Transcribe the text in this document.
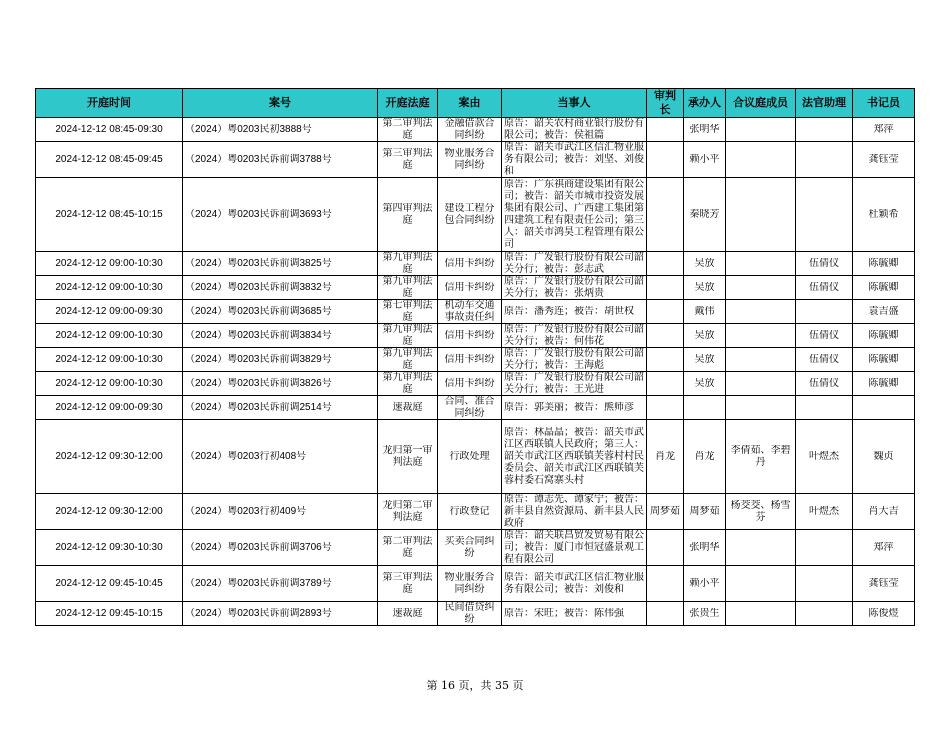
开庭时间	案号	开庭法庭	案由	当事人	审判长	承办人	合议庭成员	法官助理	书记员

2024-12-12 08:45-09:30	（2024）粤0203民初3888号	第二审判法庭	金融借款合同纠纷	原告：韶关农村商业银行股份有限公司；被告：侯祖篇		张明华			郑萍

2024-12-12 08:45-09:45	（2024）粤0203民诉前调3788号	第三审判法庭	物业服务合同纠纷	原告：韶关市武江区信汇物业服务有限公司；被告：刘坚、刘俊和		赖小平			龚钰莹

2024-12-12 08:45-10:15	（2024）粤0203民诉前调3693号	第四审判法庭	建设工程分包合同纠纷	原告：广东祺商建设集团有限公司；被告：韶关市城市投资发展集团有限公司、广西建工集团第四建筑工程有限责任公司；第三人：韶关市鸿昊工程管理有限公司		秦晓芳			杜颖希

2024-12-12 09:00-10:30	（2024）粤0203民诉前调3825号	第九审判法庭	信用卡纠纷	原告：广发银行股份有限公司韶关分行；被告：彭志武		吴放		伍倩仪	陈毓卿

2024-12-12 09:00-10:30	（2024）粤0203民诉前调3832号	第九审判法庭	信用卡纠纷	原告：广发银行股份有限公司韶关分行；被告：张炳贵		吴放		伍倩仪	陈毓卿

2024-12-12 09:00-09:30	（2024）粤0203民诉前调3685号	第七审判法庭	机动车交通事故责任纠	原告：潘秀连；被告：胡世权		戴伟			袁吉盛

2024-12-12 09:00-10:30	（2024）粤0203民诉前调3834号	第九审判法庭	信用卡纠纷	原告：广发银行股份有限公司韶关分行；被告：何伟花		吴放		伍倩仪	陈毓卿

2024-12-12 09:00-10:30	（2024）粤0203民诉前调3829号	第九审判法庭	信用卡纠纷	原告：广发银行股份有限公司韶关分行；被告：王海彪		吴放		伍倩仪	陈毓卿

2024-12-12 09:00-10:30	（2024）粤0203民诉前调3826号	第九审判法庭	信用卡纠纷	原告：广发银行股份有限公司韶关分行；被告：王光进		吴放		伍倩仪	陈毓卿

2024-12-12 09:00-09:30	（2024）粤0203民诉前调2514号	速裁庭	合同、准合同纠纷	原告：郭美丽；被告：熊师彦					

2024-12-12 09:30-12:00	（2024）粤0203行初408号	龙归第一审判法庭	行政处理	原告：林晶晶；被告：韶关市武江区西联镇人民政府；第三人：韶关市武江区西联镇芙蓉村村民委员会、韶关市武江区西联镇芙蓉村委石窝寨头村	肖龙	肖龙	李倩茹、李碧丹	叶煜杰	魏贞

2024-12-12 09:30-12:00	（2024）粤0203行初409号	龙归第二审判法庭	行政登记	原告：谭志先、谭家宁；被告：新丰县自然资源局、新丰县人民政府	周梦茹	周梦茹	杨茭茭、杨雪芬	叶煜杰	肖大吉

2024-12-12 09:30-10:30	（2024）粤0203民诉前调3706号	第二审判法庭	买卖合同纠纷	原告：韶关联昌贸发贸易有限公司；被告：厦门市恒冠盛景观工程有限公司		张明华			郑萍

2024-12-12 09:45-10:45	（2024）粤0203民诉前调3789号	第三审判法庭	物业服务合同纠纷	原告：韶关市武江区信汇物业服务有限公司；被告：刘俊和		赖小平			龚钰莹

2024-12-12 09:45-10:15	（2024）粤0203民诉前调2893号	速裁庭	民间借贷纠纷	原告：宋旺；被告：陈伟强		张贵生			陈俊煜
第 16 页，共 35 页
